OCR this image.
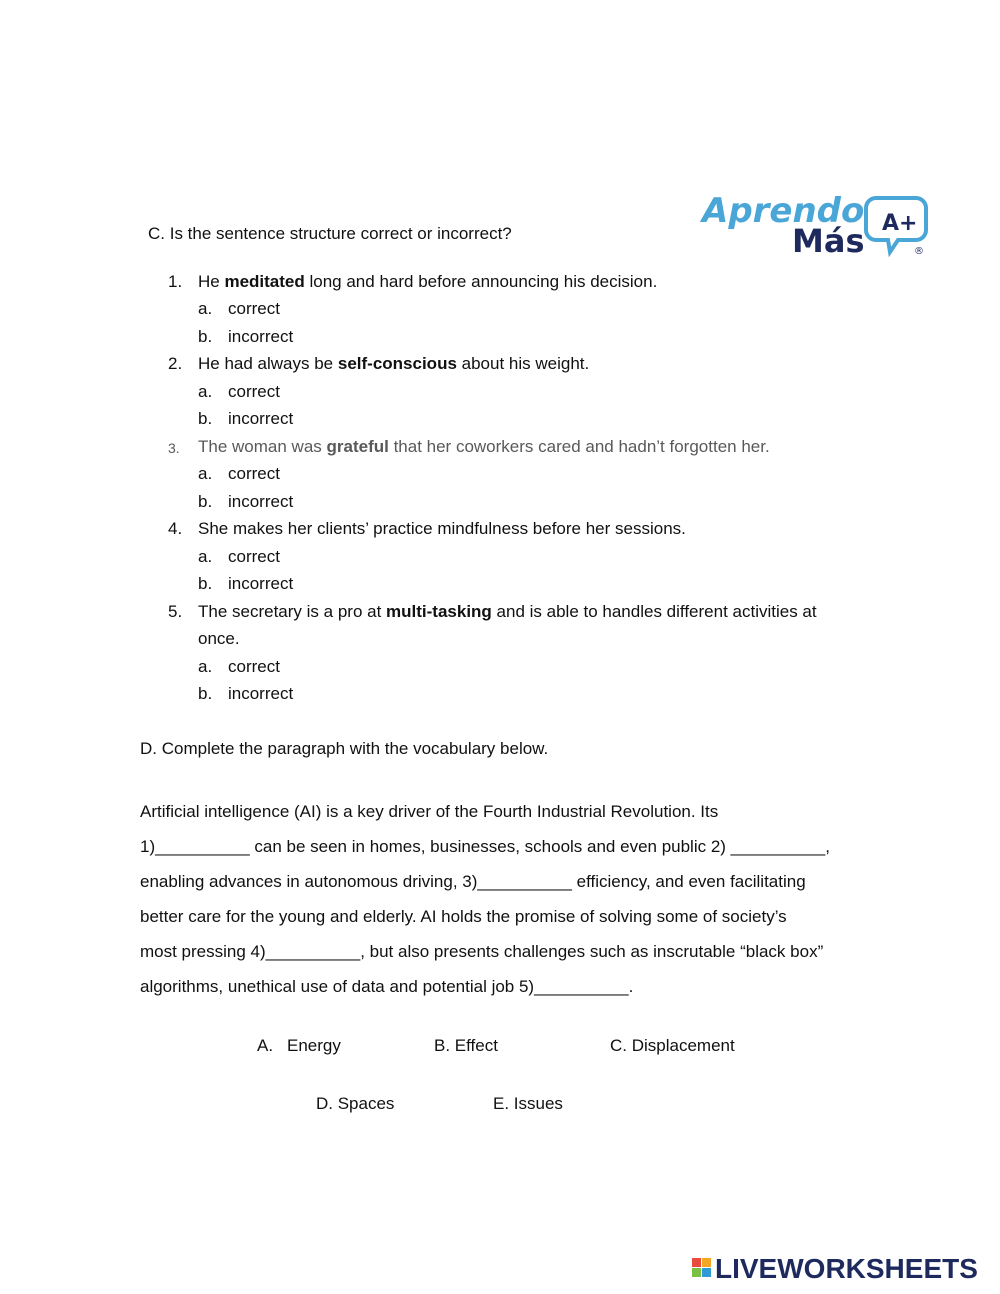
Aprendo
Más A+
®
C. Is the sentence structure correct or incorrect?
1. He meditated long and hard before announcing his decision.
a. correct
b. incorrect
2. He had always be self-conscious about his weight.
a. correct
b. incorrect
3. The woman was grateful that her coworkers cared and hadn’t forgotten her.
a. correct
b. incorrect
4. She makes her clients’ practice mindfulness before her sessions.
a. correct
b. incorrect
5. The secretary is a pro at multi-tasking and is able to handles different activities at
once.
a. correct
b. incorrect
D. Complete the paragraph with the vocabulary below.
Artificial intelligence (AI) is a key driver of the Fourth Industrial Revolution. Its
1)__________ can be seen in homes, businesses, schools and even public 2) __________,
enabling advances in autonomous driving, 3)__________ efficiency, and even facilitating
better care for the young and elderly. AI holds the promise of solving some of society’s
most pressing 4)__________, but also presents challenges such as inscrutable “black box”
algorithms, unethical use of data and potential job 5)__________.
A. Energy	B. Effect	C. Displacement
D. Spaces	E. Issues
LIVEWORKSHEETS
